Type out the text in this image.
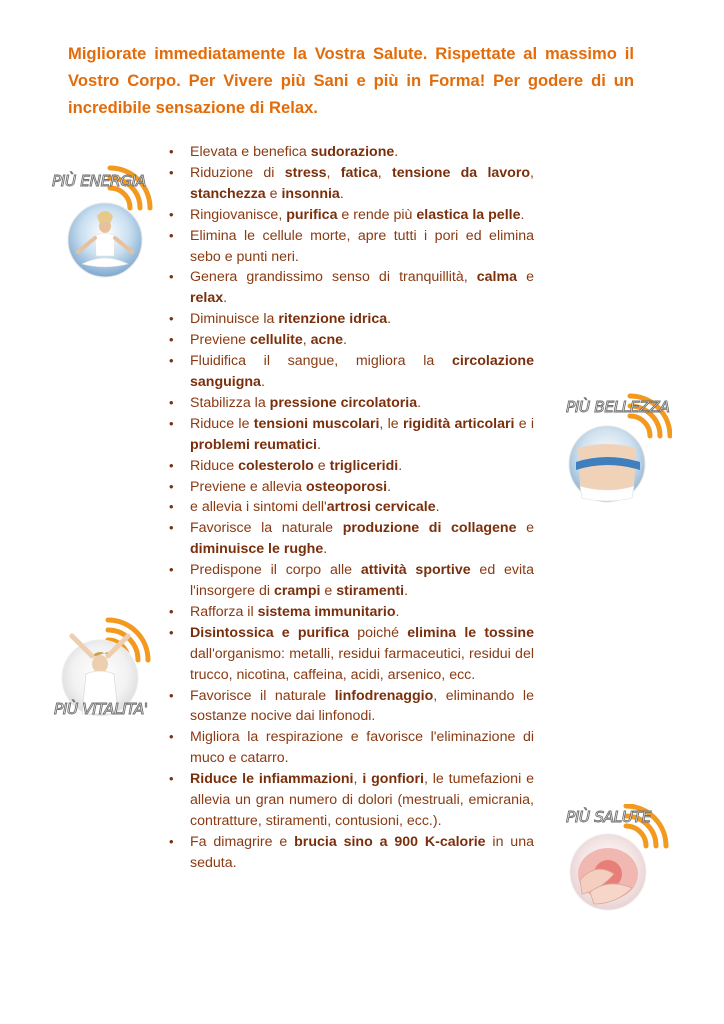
Migliorate immediatamente la Vostra Salute. Rispettate al massimo il Vostro Corpo. Per Vivere più Sani e più in Forma! Per godere di un incredibile sensazione di Relax.

PIÙ ENERGIA
PIÙ BELLEZZA
PIÙ VITALITA'
PIÙ SALUTE
• Elevata e benefica sudorazione.
• Riduzione di stress, fatica, tensione da lavoro, stanchezza e insonnia.
• Ringiovanisce, purifica e rende più elastica la pelle.
• Elimina le cellule morte, apre tutti i pori ed elimina sebo e punti neri.
• Genera grandissimo senso di tranquillità, calma e relax.
• Diminuisce la ritenzione idrica.
• Previene cellulite, acne.
• Fluidifica il sangue, migliora la circolazione sanguigna.
• Stabilizza la pressione circolatoria.
• Riduce le tensioni muscolari, le rigidità articolari e i problemi reumatici.
• Riduce colesterolo e trigliceridi.
• Previene e allevia osteoporosi.
• e allevia i sintomi dell'artrosi cervicale.
• Favorisce la naturale produzione di collagene e diminuisce le rughe.
• Predispone il corpo alle attività sportive ed evita l'insorgere di crampi e stiramenti.
• Rafforza il sistema immunitario.
• Disintossica e purifica poiché elimina le tossine dall'organismo: metalli, residui farmaceutici, residui del trucco, nicotina, caffeina, acidi, arsenico, ecc.
• Favorisce il naturale linfodrenaggio, eliminando le sostanze nocive dai linfonodi.
• Migliora la respirazione e favorisce l'eliminazione di muco e catarro.
• Riduce le infiammazioni, i gonfiori, le tumefazioni e allevia un gran numero di dolori (mestruali, emicrania, contratture, stiramenti, contusioni, ecc.).
• Fa dimagrire e brucia sino a 900 K-calorie in una seduta.
